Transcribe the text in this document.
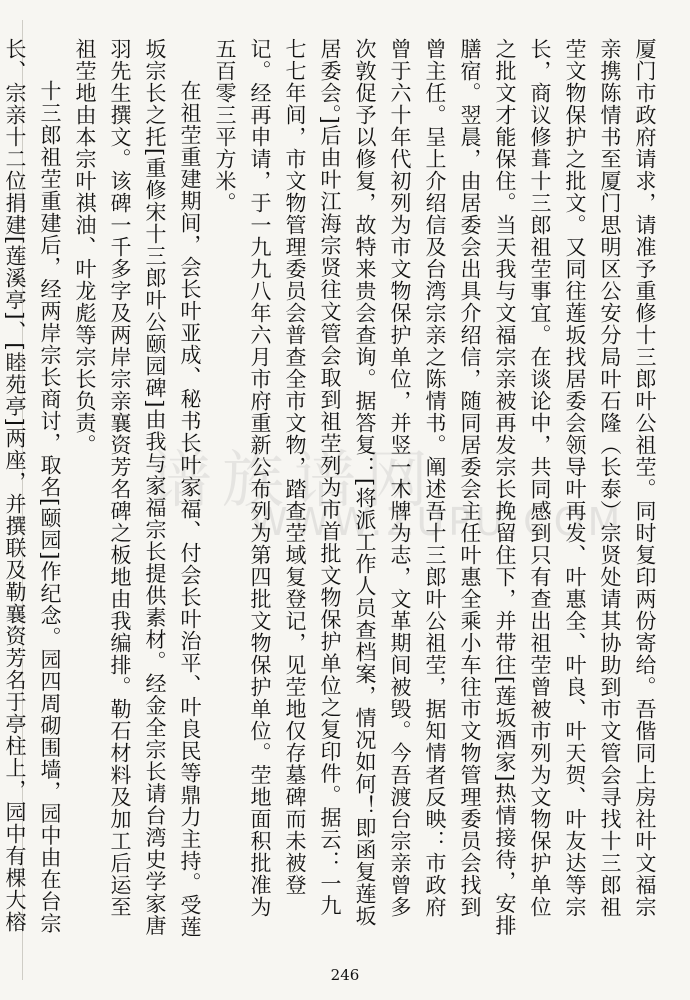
谱族谱网
WWW.ZUPU.COM 厦门市政府请求，请准予重修十三郎叶公祖茔。同时复印两份寄给。吾偕同上房社叶文福宗亲携陈情书至厦门思明区公安分局叶石隆（长泰）宗贤处请其协助到市文管会寻找十三郎祖茔文物保护之批文。又同往莲坂找居委会领导叶再发、叶惠全、叶良、叶天贺、叶友达等宗长，商议修葺十三郎祖茔事宜。在谈论中，共同感到只有查出祖茔曾被市列为文物保护单位之批文才能保住。当天我与文福宗亲被再发宗长挽留住下，并带往[莲坂酒家]热情接待，安排膳宿。翌晨，由居委会出具介绍信，随同居委会主任叶惠全乘小车往市文物管理委员会找到曾主任。呈上介绍信及台湾宗亲之陈情书。阐述吾十三郎叶公祖茔，据知情者反映：市政府曾于六十年代初列为市文物保护单位，并竖一木牌为志，文革期间被毁。今吾渡台宗亲曾多次敦促予以修复，故特来贵会查询。据答复：[将派工作人员查档案，情况如何！即函复莲坂居委会。]后由叶江海宗贤往文管会取到祖茔列为市首批文物保护单位之复印件。据云：一九七七年间，市文物管理委员会普查全市文物，踏查茔域复登记，见茔地仅存墓碑而未被登记。经再申请，于一九九八年六月市府重新公布列为第四批文物保护单位。茔地面积批准为五百零三平方米。

在祖茔重建期间，会长叶亚成、秘书长叶家福、付会长叶治平、叶良民等鼎力主持。受莲坂宗长之托[重修宋十三郎叶公颐园碑]由我与家福宗长提供素材。经金全宗长请台湾史学家唐羽先生撰文。该碑一千多字及两岸宗亲襄资芳名碑之板地由我编排。勒石材料及加工后运至祖茔地由本宗叶祺油、叶龙彪等宗长负责。

十三郎祖茔重建后，经两岸宗长商讨，取名[颐园]作纪念。园四周砌围墙，园中由在台宗长、宗亲十二位捐建[莲溪亭]、[睦苑亭]两座，并撰联及勒襄资芳名于亭柱上，园中有棵大榕

246
